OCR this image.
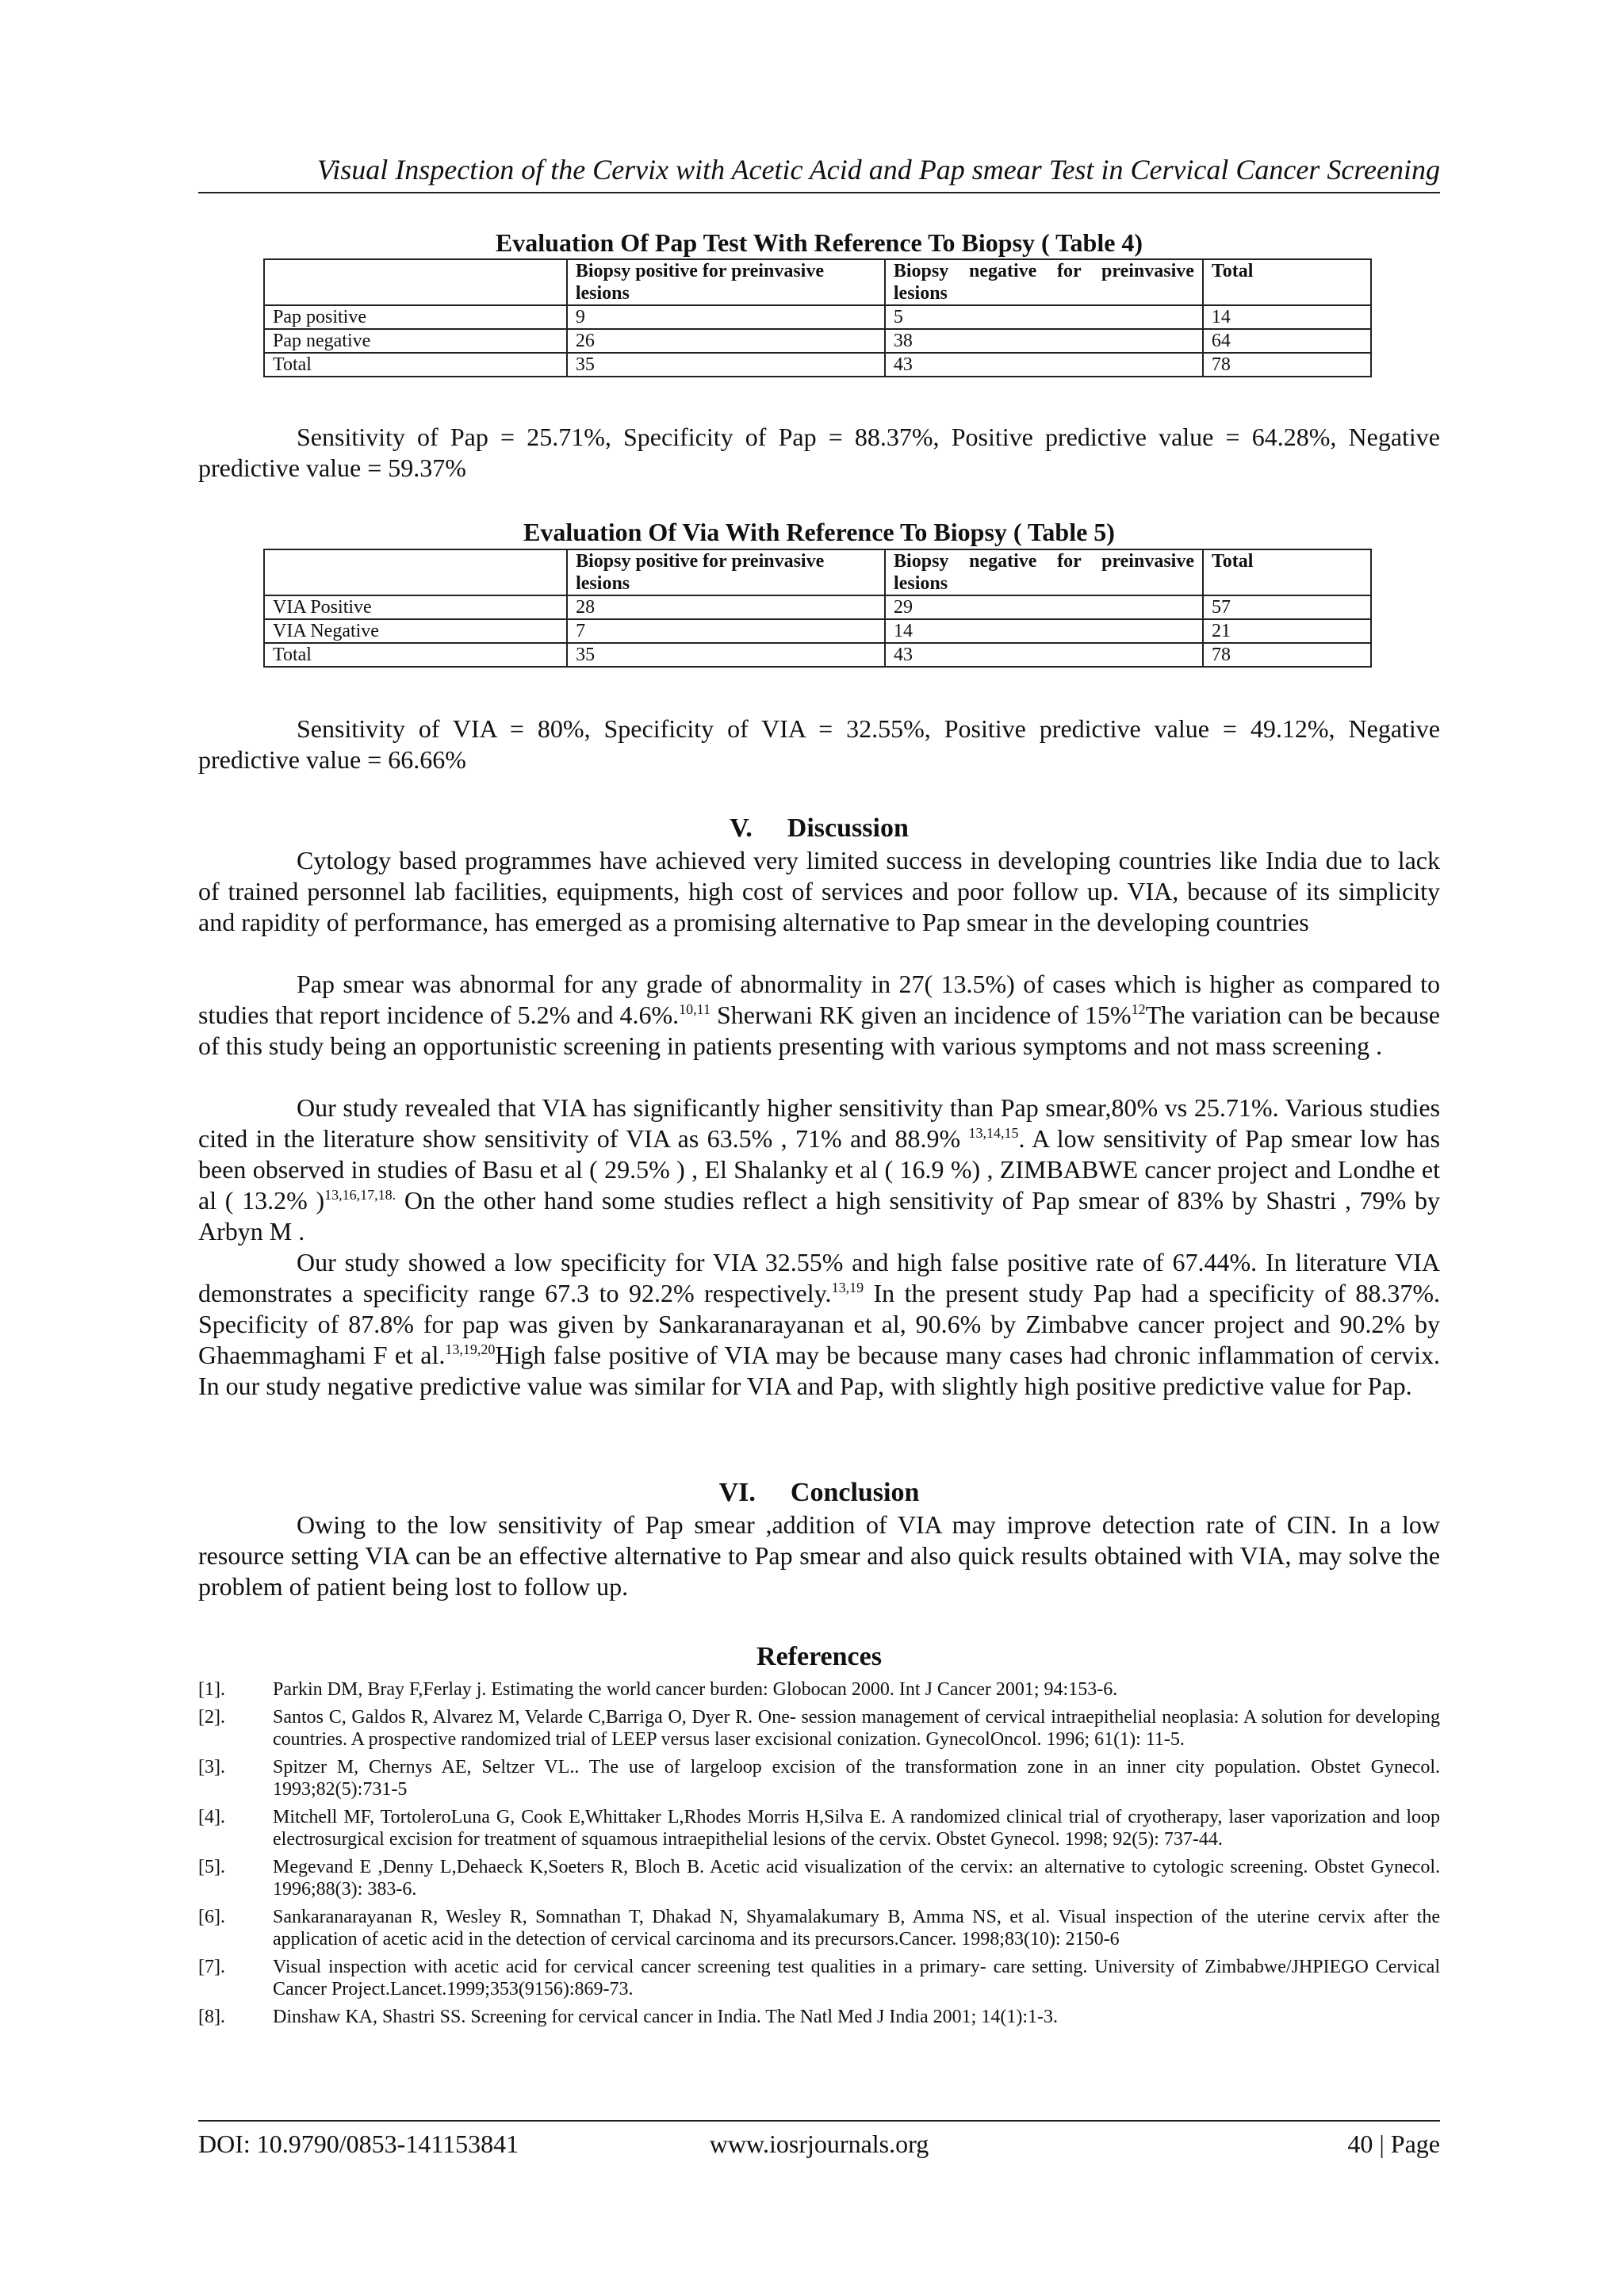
Visual Inspection of the Cervix with Acetic Acid and Pap smear Test in Cervical Cancer Screening
Evaluation Of Pap Test With Reference To Biopsy ( Table 4)
	Biopsy positive for preinvasive lesions	Biopsy negative for preinvasive lesions	Total
Pap positive	9	5	14
Pap negative	26	38	64
Total	35	43	78

Sensitivity of Pap = 25.71%, Specificity of Pap = 88.37%, Positive predictive value = 64.28%, Negative predictive value = 59.37%

Evaluation Of Via With Reference To Biopsy ( Table 5)
	Biopsy positive for preinvasive lesions	Biopsy negative for preinvasive lesions	Total
VIA Positive	28	29	57
VIA Negative	7	14	21
Total	35	43	78

Sensitivity of VIA = 80%, Specificity of VIA = 32.55%, Positive predictive value = 49.12%, Negative predictive value = 66.66%

V. Discussion

Cytology based programmes have achieved very limited success in developing countries like India due to lack of trained personnel lab facilities, equipments, high cost of services and poor follow up. VIA, because of its simplicity and rapidity of performance, has emerged as a promising alternative to Pap smear in the developing countries

Pap smear was abnormal for any grade of abnormality in 27( 13.5%) of cases which is higher as compared to studies that report incidence of 5.2% and 4.6%.$^{10,11}$ Sherwani RK given an incidence of 15%$^{12}$The variation can be because of this study being an opportunistic screening in patients presenting with various symptoms and not mass screening .

Our study revealed that VIA has significantly higher sensitivity than Pap smear,80% vs 25.71%. Various studies cited in the literature show sensitivity of VIA as 63.5% , 71% and 88.9% $^{13,14,15}$. A low sensitivity of Pap smear low has been observed in studies of Basu et al ( 29.5% ) , El Shalanky et al ( 16.9 %) , ZIMBABWE cancer project and Londhe et al ( 13.2% )$^{13,16,17,18.}$ On the other hand some studies reflect a high sensitivity of Pap smear of 83% by Shastri , 79% by Arbyn M .

Our study showed a low specificity for VIA 32.55% and high false positive rate of 67.44%. In literature VIA demonstrates a specificity range 67.3 to 92.2% respectively.$^{13,19}$ In the present study Pap had a specificity of 88.37%. Specificity of 87.8% for pap was given by Sankaranarayanan et al, 90.6% by Zimbabve cancer project and 90.2% by Ghaemmaghami F et al.$^{13,19,20}$High false positive of VIA may be because many cases had chronic inflammation of cervix. In our study negative predictive value was similar for VIA and Pap, with slightly high positive predictive value for Pap.

VI. Conclusion

Owing to the low sensitivity of Pap smear ,addition of VIA may improve detection rate of CIN. In a low resource setting VIA can be an effective alternative to Pap smear and also quick results obtained with VIA, may solve the problem of patient being lost to follow up.

References
[1].	Parkin DM, Bray F,Ferlay j. Estimating the world cancer burden: Globocan 2000. Int J Cancer 2001; 94:153-6.
[2].	Santos C, Galdos R, Alvarez M, Velarde C,Barriga O, Dyer R. One- session management of cervical intraepithelial neoplasia: A solution for developing countries. A prospective randomized trial of LEEP versus laser excisional conization. GynecolOncol. 1996; 61(1): 11-5.
[3].	Spitzer M, Chernys AE, Seltzer VL.. The use of largeloop excision of the transformation zone in an inner city population. Obstet Gynecol. 1993;82(5):731-5
[4].	Mitchell MF, TortoleroLuna G, Cook E,Whittaker L,Rhodes Morris H,Silva E. A randomized clinical trial of cryotherapy, laser vaporization and loop electrosurgical excision for treatment of squamous intraepithelial lesions of the cervix. Obstet Gynecol. 1998; 92(5): 737-44.
[5].	Megevand E ,Denny L,Dehaeck K,Soeters R, Bloch B. Acetic acid visualization of the cervix: an alternative to cytologic screening. Obstet Gynecol. 1996;88(3): 383-6.
[6].	Sankaranarayanan R, Wesley R, Somnathan T, Dhakad N, Shyamalakumary B, Amma NS, et al. Visual inspection of the uterine cervix after the application of acetic acid in the detection of cervical carcinoma and its precursors.Cancer. 1998;83(10): 2150-6
[7].	Visual inspection with acetic acid for cervical cancer screening test qualities in a primary- care setting. University of Zimbabwe/JHPIEGO Cervical Cancer Project.Lancet.1999;353(9156):869-73.
[8].	Dinshaw KA, Shastri SS. Screening for cervical cancer in India. The Natl Med J India 2001; 14(1):1-3.
DOI: 10.9790/0853-141153841	www.iosrjournals.org	40 | Page
